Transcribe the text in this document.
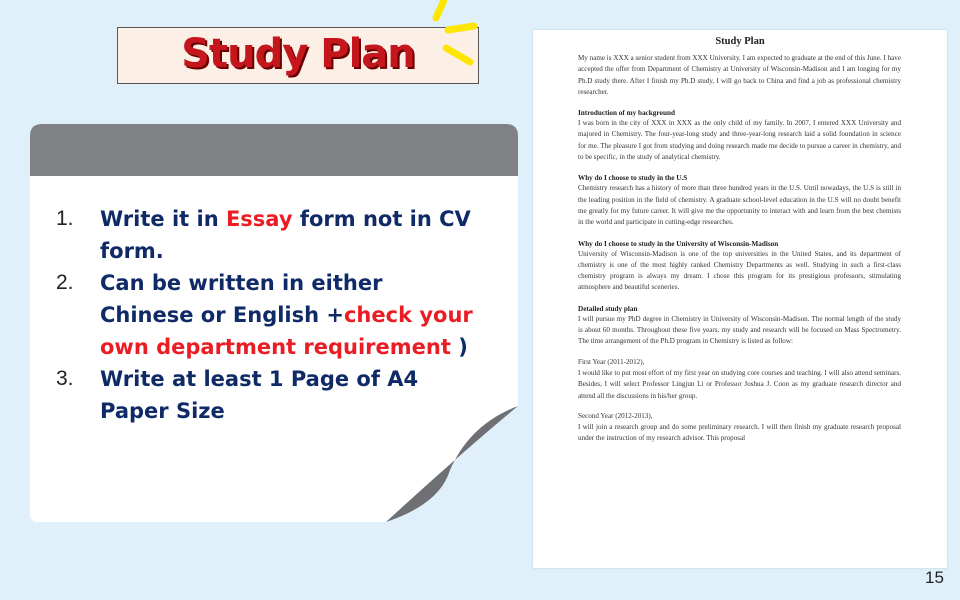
Study Plan
1. Write it in Essay form not in CV form.
2. Can be written in either Chinese or English +check your own department requirement )
3. Write at least 1 Page of A4 Paper Size
Study Plan

My name is XXX a senior student from XXX University. I am expected to graduate at the end of this June. I have accepted the offer from Department of Chemistry at University of Wisconsin-Madison and I am longing for my Ph.D study there. After I finish my Ph.D study, I will go back to China and find a job as professional chemistry researcher.

Introduction of my background

I was born in the city of XXX in XXX as the only child of my family. In 2007, I entered XXX University and majored in Chemistry. The four-year-long study and three-year-long research laid a solid foundation in science for me. The pleasure I got from studying and doing research made me decide to pursue a career in chemistry, and to be specific, in the study of analytical chemistry.

Why do I choose to study in the U.S

Chemistry research has a history of more than three hundred years in the U.S. Until nowadays, the U.S is still in the leading position in the field of chemistry. A graduate school-level education in the U.S will no doubt benefit me greatly for my future career. It will give me the opportunity to interact with and learn from the best chemists in the world and participate in cutting-edge researches.

Why do I choose to study in the University of Wisconsin-Madison

University of Wisconsin-Madison is one of the top universities in the United States, and its department of chemistry is one of the most highly ranked Chemistry Departments as well. Studying in such a first-class chemistry program is always my dream. I chose this program for its prestigious professors, stimulating atmosphere and beautiful sceneries.

Detailed study plan

I will pursue my PhD degree in Chemistry in University of Wisconsin-Madison. The normal length of the study is about 60 months. Throughout these five years, my study and research will be focused on Mass Spectrometry. The time arrangement of the Ph.D program in Chemistry is listed as follow:

First Year (2011-2012),

I would like to put most effort of my first year on studying core courses and teaching. I will also attend seminars. Besides, I will select Professor Lingjun Li or Professor Joshua J. Coon as my graduate research director and attend all the discussions in his/her group.

Second Year (2012-2013),

I will join a research group and do some preliminary research. I will then finish my graduate research proposal under the instruction of my research advisor. This proposal

15
